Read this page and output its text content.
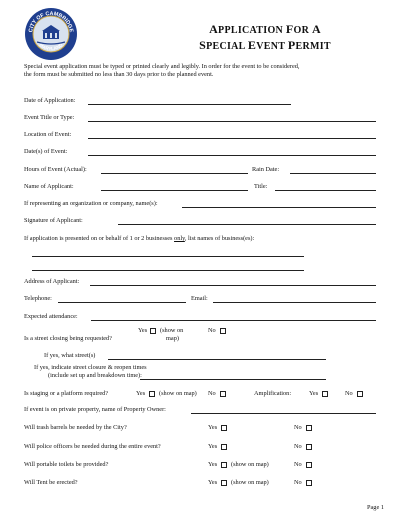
CITY OF CAMBRIDGE
MARYLAND
APPLICATION FOR A
SPECIAL EVENT PERMIT
Special event application must be typed or printed clearly and legibly. In order for the event to be considered,
the form must be submitted no less than 30 days prior to the planned event.
Date of Application:
Event Title or Type:
Location of Event:
Date(s) of Event:
Hours of Event (Actual):	Rain Date:
Name of Applicant:	Title:
If representing an organization or company, name(s):
Signature of Applicant:
If application is presented on or behalf of 1 or 2 businesses only, list names of business(es):
Address of Applicant:
Telephone:	Email:
Expected attendance:
Is a street closing being requested?
Yes (show on
map)
No
If yes, what street(s)
If yes, indicate street closure & reopen times
(include set up and breakdown time):
Is staging or a platform required?	Yes (show on map) No	Amplification:	Yes	No
If event is on private property, name of Property Owner:
Will trash barrels be needed by the City?	Yes	No
Will police officers be needed during the entire event?	Yes	No
Will portable toilets be provided?	Yes (show on map)	No
Will Tent be erected?	Yes (show on map)	No
Page 1
